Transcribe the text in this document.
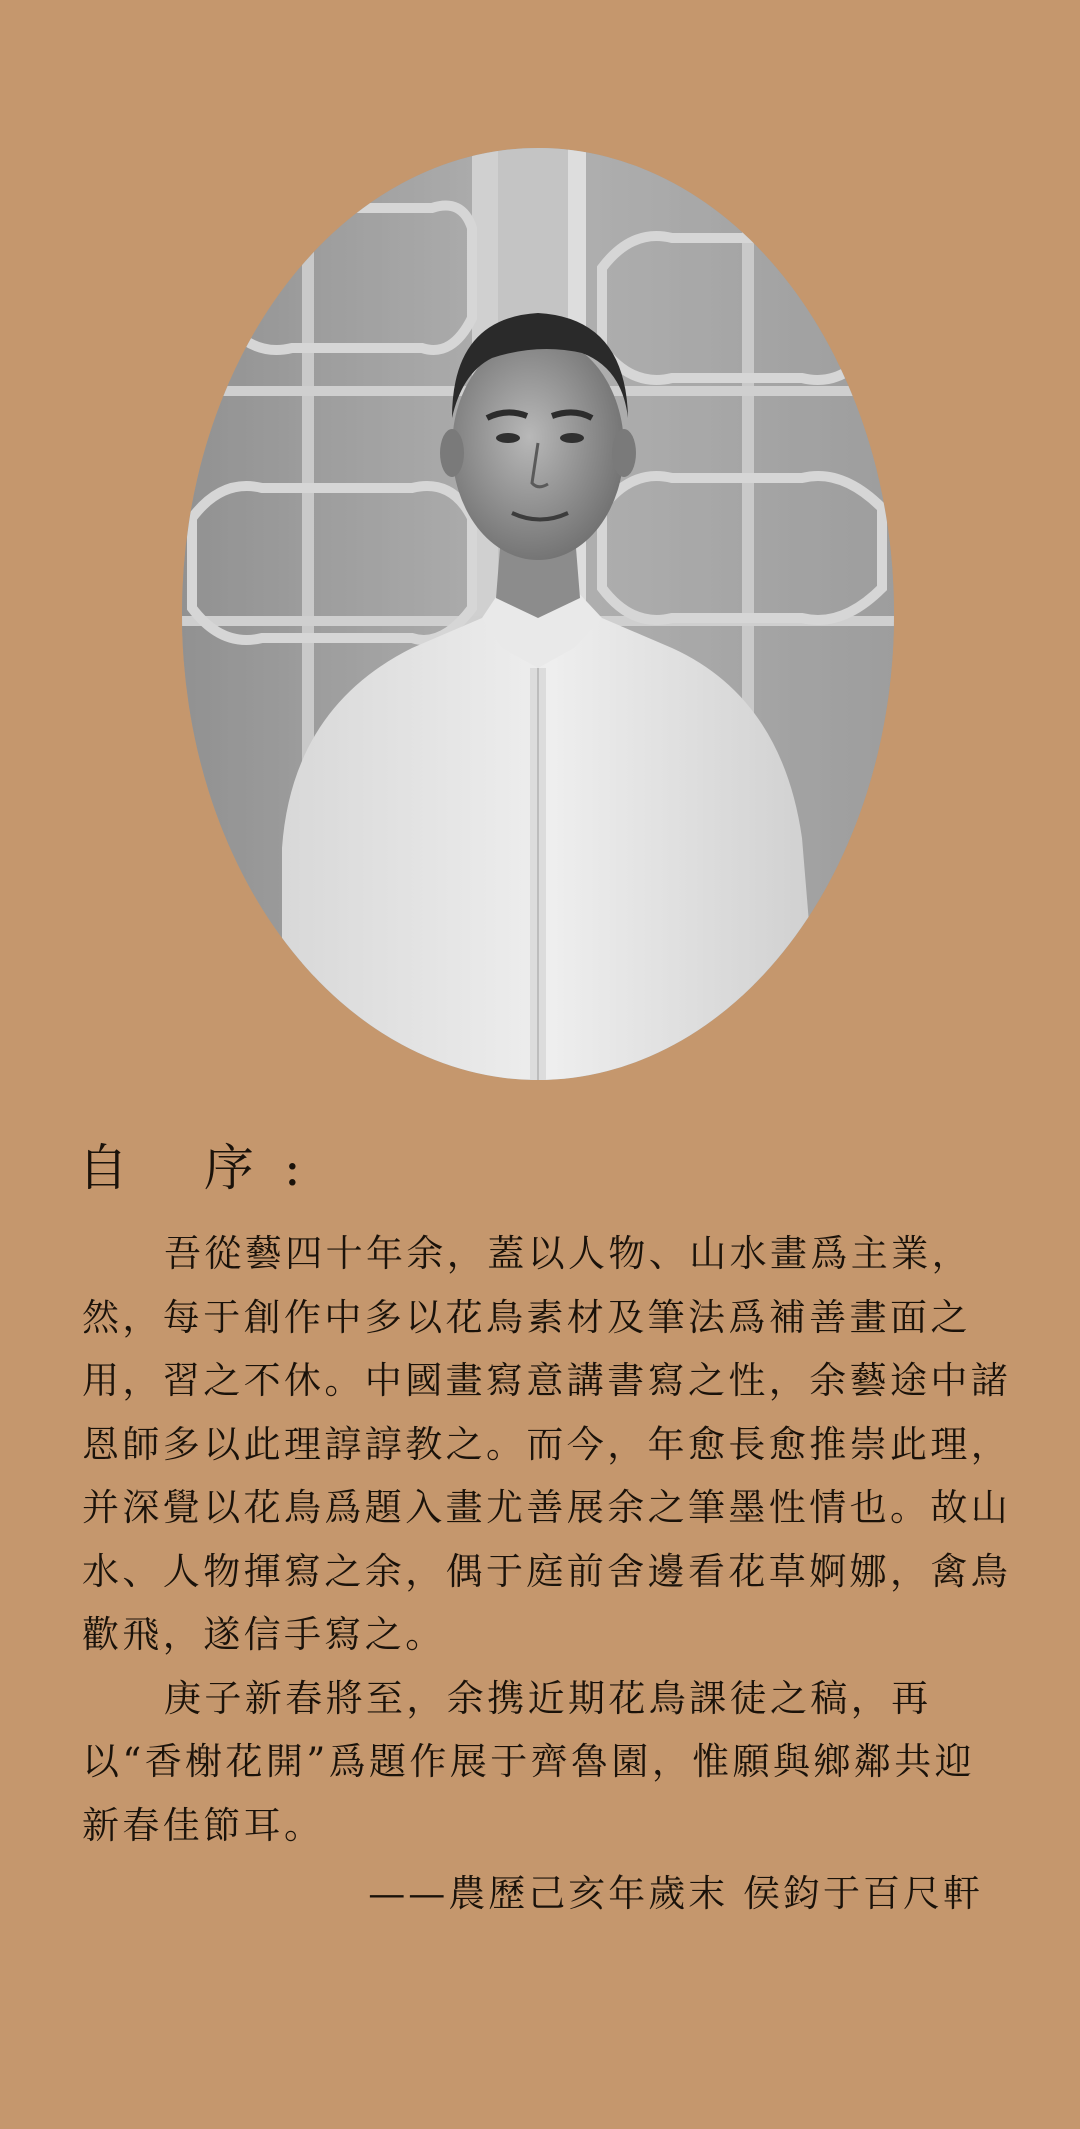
自 序:

吾從藝四十年余，蓋以人物、山水畫爲主業，然，每于創作中多以花鳥素材及筆法爲補善畫面之用，習之不休。中國畫寫意講書寫之性，余藝途中諸恩師多以此理諄諄教之。而今，年愈長愈推崇此理，并深覺以花鳥爲題入畫尤善展余之筆墨性情也。故山水、人物揮寫之余，偶于庭前舍邊看花草婀娜，禽鳥歡飛，遂信手寫之。

庚子新春將至，余携近期花鳥課徒之稿，再以“香榭花開”爲題作展于齊魯園，惟願與鄉鄰共迎新春佳節耳。

——農歷己亥年歲末 侯鈞于百尺軒
